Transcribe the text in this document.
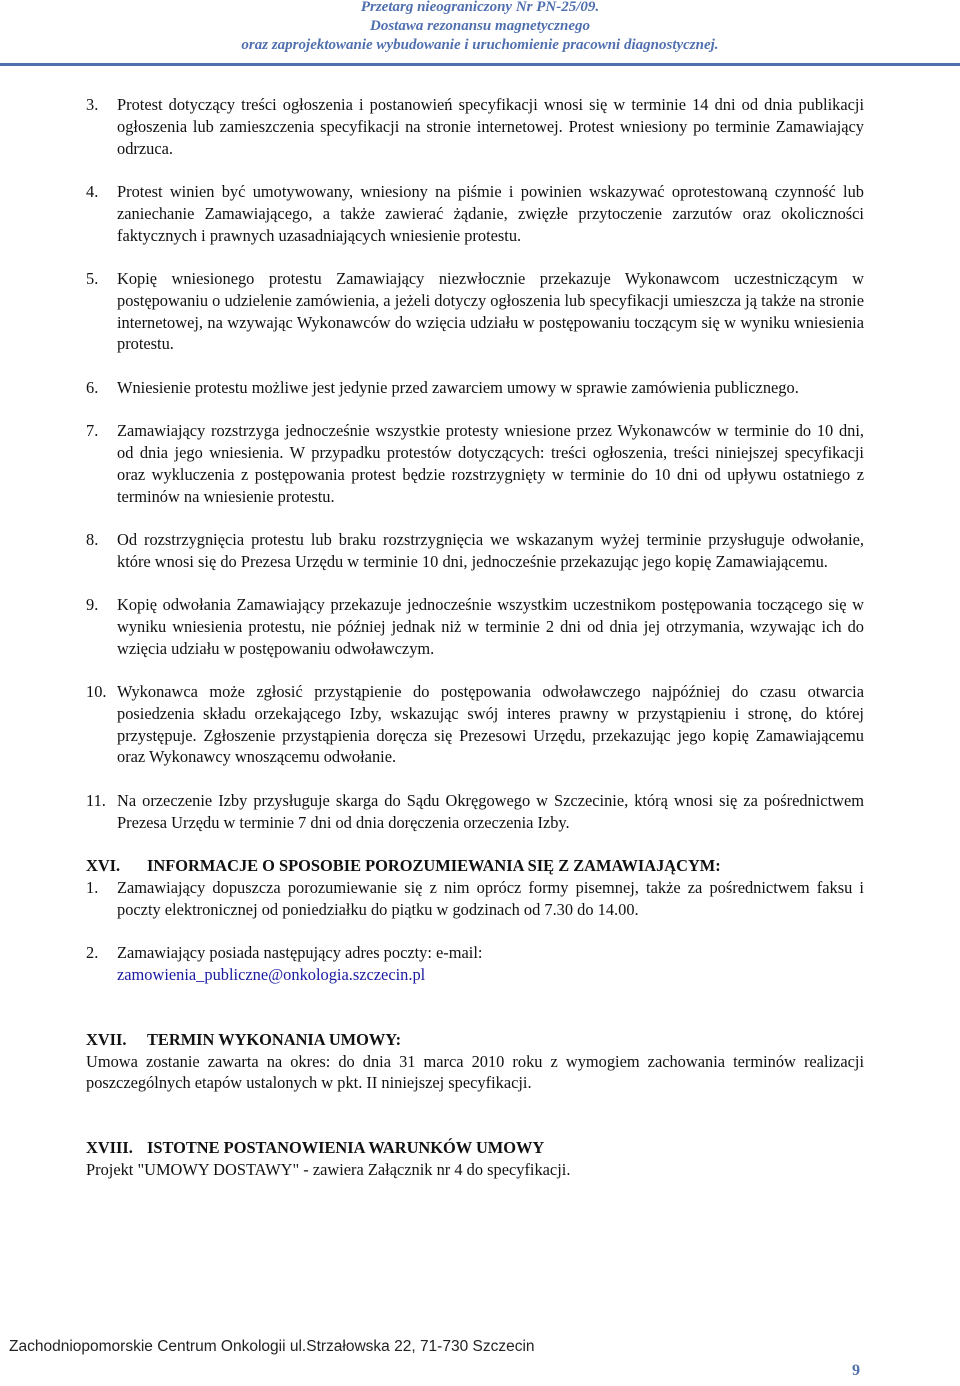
Przetarg nieograniczony Nr PN-25/09.
Dostawa rezonansu magnetycznego
oraz zaprojektowanie wybudowanie i uruchomienie pracowni diagnostycznej.
3.	Protest dotyczący treści ogłoszenia i postanowień specyfikacji wnosi się w terminie 14 dni od dnia publikacji ogłoszenia lub zamieszczenia specyfikacji na stronie internetowej. Protest wniesiony po terminie Zamawiający odrzuca.
4.	Protest winien być umotywowany, wniesiony na piśmie i powinien wskazywać oprotestowaną czynność lub zaniechanie Zamawiającego, a także zawierać żądanie, zwięzłe przytoczenie zarzutów oraz okoliczności faktycznych i prawnych uzasadniających wniesienie protestu.
5.	Kopię wniesionego protestu Zamawiający niezwłocznie przekazuje Wykonawcom uczestniczącym w postępowaniu o udzielenie zamówienia, a jeżeli dotyczy ogłoszenia lub specyfikacji umieszcza ją także na stronie internetowej, na wzywając Wykonawców do wzięcia udziału w postępowaniu toczącym się w wyniku wniesienia protestu.
6.	Wniesienie protestu możliwe jest jedynie przed zawarciem umowy w sprawie zamówienia publicznego.
7.	Zamawiający rozstrzyga jednocześnie wszystkie protesty wniesione przez Wykonawców w terminie do 10 dni, od dnia jego wniesienia. W przypadku protestów dotyczących: treści ogłoszenia, treści niniejszej specyfikacji oraz wykluczenia z postępowania protest będzie rozstrzygnięty w terminie do 10 dni od upływu ostatniego z terminów na wniesienie protestu.
8.	Od rozstrzygnięcia protestu lub braku rozstrzygnięcia we wskazanym wyżej terminie przysługuje odwołanie, które wnosi się do Prezesa Urzędu w terminie 10 dni, jednocześnie przekazując jego kopię Zamawiającemu.
9.	Kopię odwołania Zamawiający przekazuje jednocześnie wszystkim uczestnikom postępowania toczącego się w wyniku wniesienia protestu, nie później jednak niż w terminie 2 dni od dnia jej otrzymania, wzywając ich do wzięcia udziału w postępowaniu odwoławczym.
10. Wykonawca może zgłosić przystąpienie do postępowania odwoławczego najpóźniej do czasu otwarcia posiedzenia składu orzekającego Izby, wskazując swój interes prawny w przystąpieniu i stronę, do której przystępuje. Zgłoszenie przystąpienia doręcza się Prezesowi Urzędu, przekazując jego kopię Zamawiającemu oraz Wykonawcy wnoszącemu odwołanie.
11. Na orzeczenie Izby przysługuje skarga do Sądu Okręgowego w Szczecinie, którą wnosi się za pośrednictwem Prezesa Urzędu w terminie 7 dni od dnia doręczenia orzeczenia Izby.
XVI.	INFORMACJE O SPOSOBIE POROZUMIEWANIA SIĘ Z ZAMAWIAJĄCYM:
1.	Zamawiający dopuszcza porozumiewanie się z nim oprócz formy pisemnej, także za pośrednictwem faksu i poczty elektronicznej od poniedziałku do piątku w godzinach od 7.30 do 14.00.
2.	Zamawiający posiada następujący adres poczty: e-mail:
zamowienia_publiczne@onkologia.szczecin.pl
XVII.	TERMIN WYKONANIA UMOWY:
Umowa zostanie zawarta na okres: do dnia 31 marca 2010 roku z wymogiem zachowania terminów realizacji poszczególnych etapów ustalonych w pkt. II niniejszej specyfikacji.
XVIII. ISTOTNE POSTANOWIENIA WARUNKÓW UMOWY
Projekt "UMOWY DOSTAWY" - zawiera Załącznik nr 4 do specyfikacji.
Zachodniopomorskie Centrum Onkologii ul.Strzałowska 22, 71-730 Szczecin
9
